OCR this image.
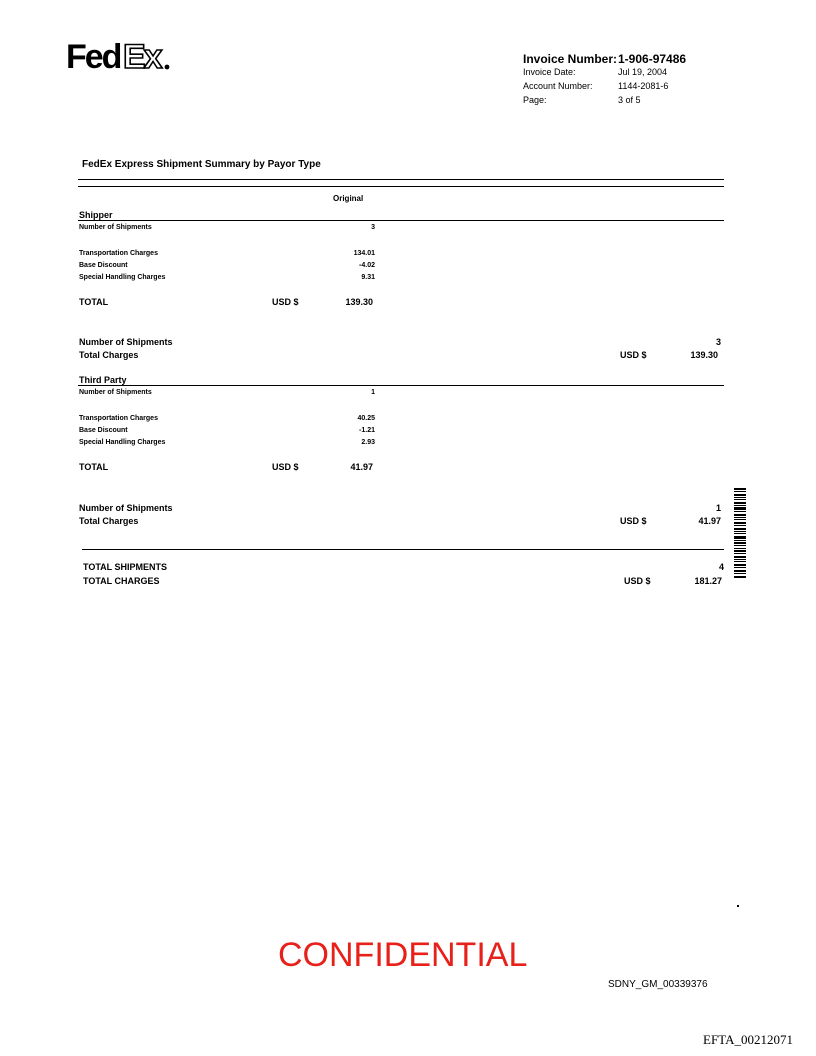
Fed Ex	Invoice Number: 1-906-97486
Invoice Date:	Jul 19, 2004
Account Number:	1144-2081-6
Page:	3 of 5
FedEx Express Shipment Summary by Payor Type
Original
Shipper
Number of Shipments	3
Transportation Charges	134.01
Base Discount	-4.02
Special Handling Charges	9.31
TOTAL	USD $	139.30
Number of Shipments	3
Total Charges	USD $	139.30
Third Party
Number of Shipments	1
Transportation Charges	40.25
Base Discount	-1.21
Special Handling Charges	2.93
TOTAL	USD $	41.97
Number of Shipments	1
Total Charges	USD $	41.97
TOTAL SHIPMENTS	4
TOTAL CHARGES	USD $	181.27
CONFIDENTIAL
SDNY_GM_00339376
EFTA_00212071
